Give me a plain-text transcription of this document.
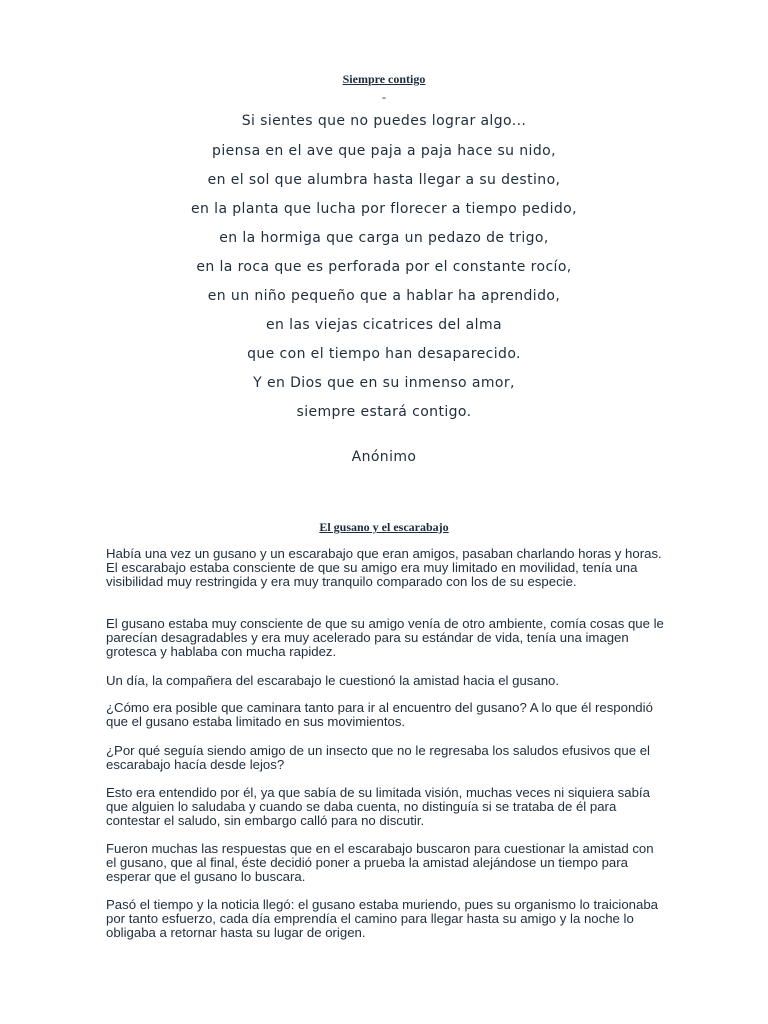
Siempre contigo
-
Si sientes que no puedes lograr algo...
piensa en el ave que paja a paja hace su nido,
en el sol que alumbra hasta llegar a su destino,
en la planta que lucha por florecer a tiempo pedido,
en la hormiga que carga un pedazo de trigo,
en la roca que es perforada por el constante rocío,
en un niño pequeño que a hablar ha aprendido,
en las viejas cicatrices del alma
que con el tiempo han desaparecido.
Y en Dios que en su inmenso amor,
siempre estará contigo.
Anónimo
El gusano y el escarabajo

Había una vez un gusano y un escarabajo que eran amigos, pasaban charlando horas y horas. El escarabajo estaba consciente de que su amigo era muy limitado en movilidad, tenía una visibilidad muy restringida y era muy tranquilo comparado con los de su especie.

El gusano estaba muy consciente de que su amigo venía de otro ambiente, comía cosas que le parecían desagradables y era muy acelerado para su estándar de vida, tenía una imagen grotesca y hablaba con mucha rapidez.

Un día, la compañera del escarabajo le cuestionó la amistad hacia el gusano.

¿Cómo era posible que caminara tanto para ir al encuentro del gusano? A lo que él respondió que el gusano estaba limitado en sus movimientos.

¿Por qué seguía siendo amigo de un insecto que no le regresaba los saludos efusivos que el escarabajo hacía desde lejos?

Esto era entendido por él, ya que sabía de su limitada visión, muchas veces ni siquiera sabía que alguien lo saludaba y cuando se daba cuenta, no distinguía si se trataba de él para contestar el saludo, sin embargo calló para no discutir.

Fueron muchas las respuestas que en el escarabajo buscaron para cuestionar la amistad con el gusano, que al final, éste decidió poner a prueba la amistad alejándose un tiempo para esperar que el gusano lo buscara.

Pasó el tiempo y la noticia llegó: el gusano estaba muriendo, pues su organismo lo traicionaba por tanto esfuerzo, cada día emprendía el camino para llegar hasta su amigo y la noche lo obligaba a retornar hasta su lugar de origen.
